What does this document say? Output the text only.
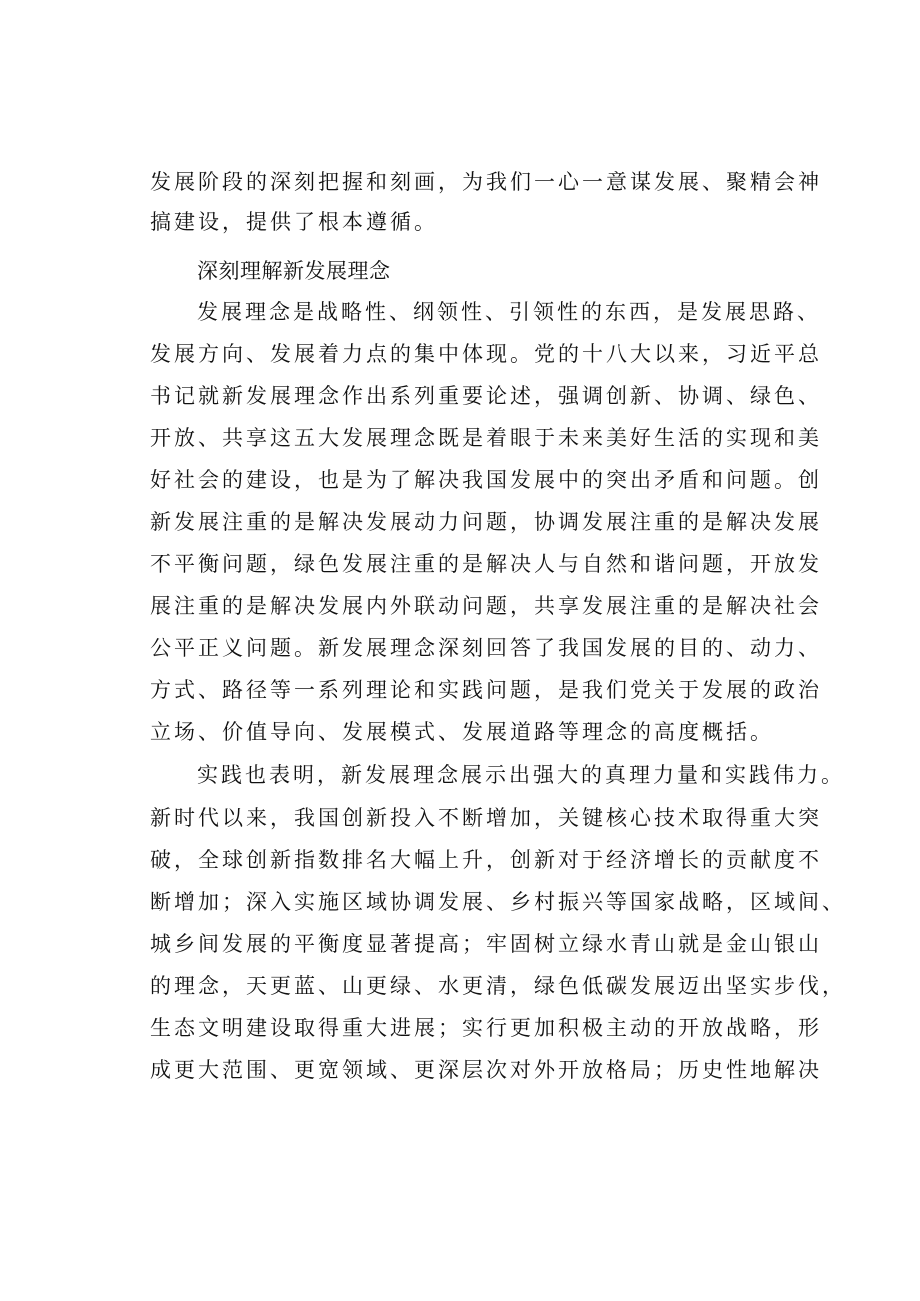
发展阶段的深刻把握和刻画，为我们一心一意谋发展、聚精会神
搞建设，提供了根本遵循。
深刻理解新发展理念
发展理念是战略性、纲领性、引领性的东西，是发展思路、
发展方向、发展着力点的集中体现。党的十八大以来，习近平总
书记就新发展理念作出系列重要论述，强调创新、协调、绿色、
开放、共享这五大发展理念既是着眼于未来美好生活的实现和美
好社会的建设，也是为了解决我国发展中的突出矛盾和问题。创
新发展注重的是解决发展动力问题，协调发展注重的是解决发展
不平衡问题，绿色发展注重的是解决人与自然和谐问题，开放发
展注重的是解决发展内外联动问题，共享发展注重的是解决社会
公平正义问题。新发展理念深刻回答了我国发展的目的、动力、
方式、路径等一系列理论和实践问题，是我们党关于发展的政治
立场、价值导向、发展模式、发展道路等理念的高度概括。
实践也表明，新发展理念展示出强大的真理力量和实践伟力。
新时代以来，我国创新投入不断增加，关键核心技术取得重大突
破，全球创新指数排名大幅上升，创新对于经济增长的贡献度不
断增加；深入实施区域协调发展、乡村振兴等国家战略，区域间、
城乡间发展的平衡度显著提高；牢固树立绿水青山就是金山银山
的理念，天更蓝、山更绿、水更清，绿色低碳发展迈出坚实步伐，
生态文明建设取得重大进展；实行更加积极主动的开放战略，形
成更大范围、更宽领域、更深层次对外开放格局；历史性地解决
